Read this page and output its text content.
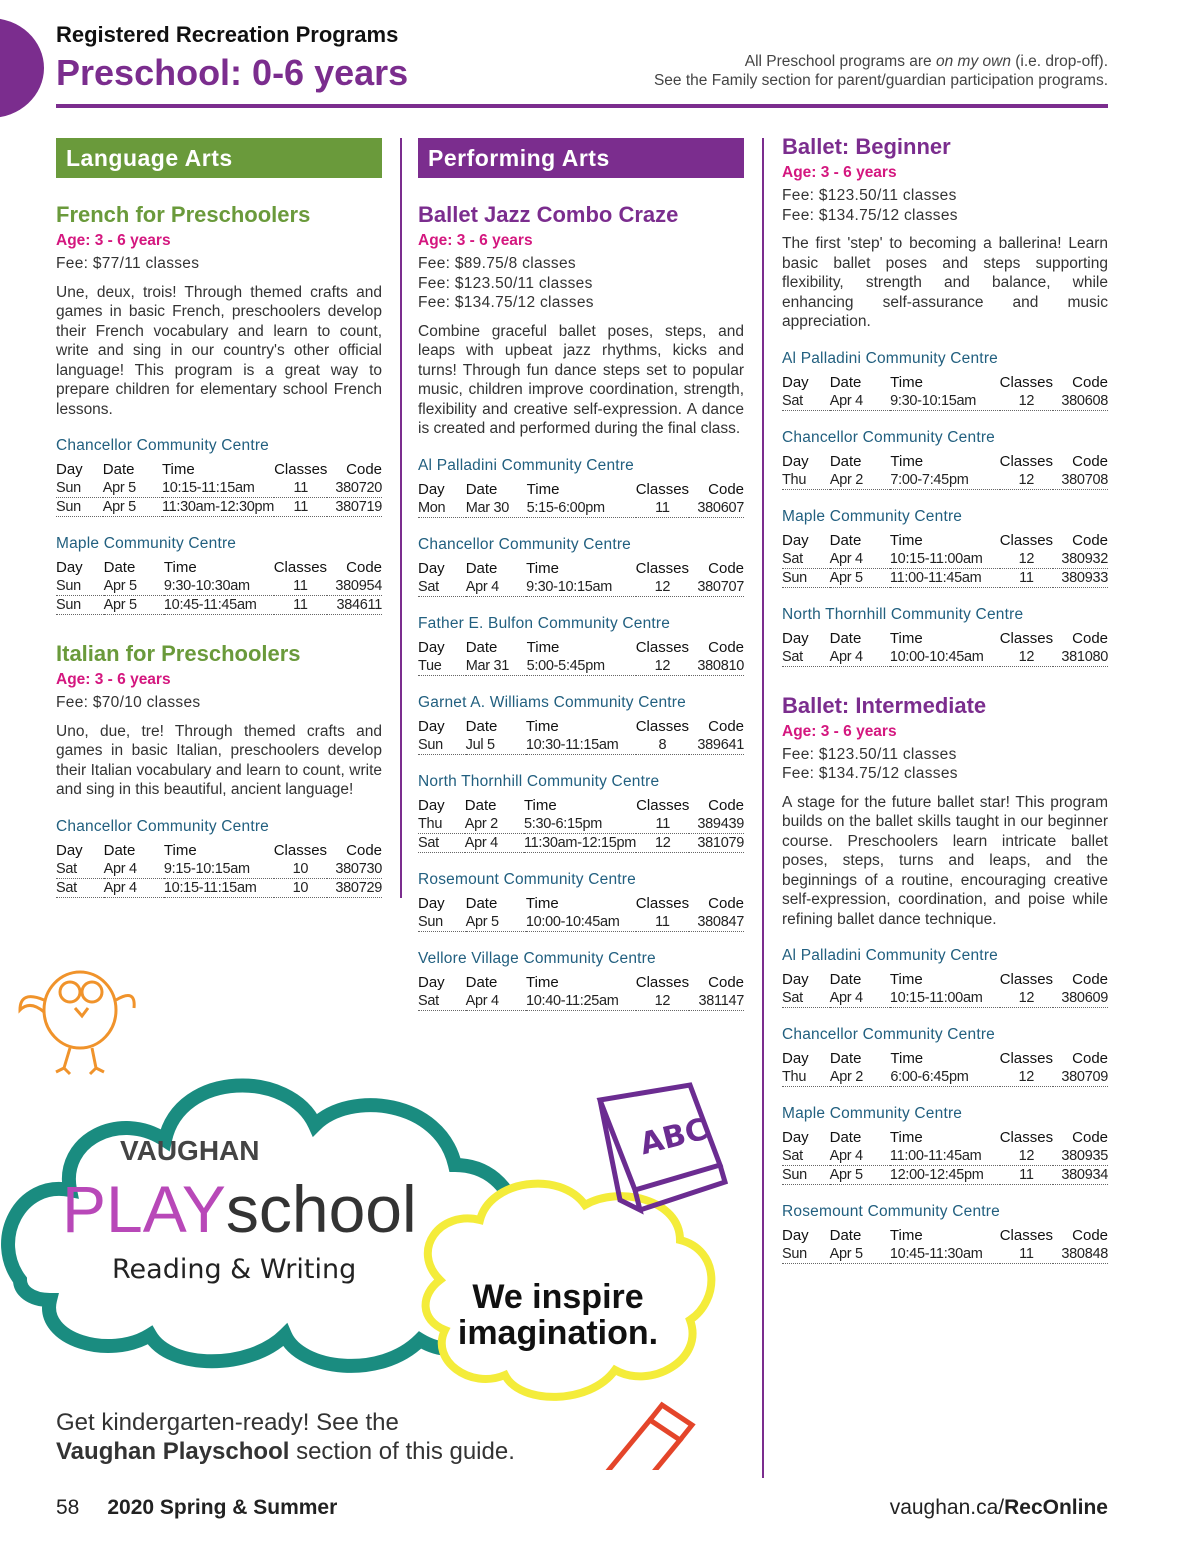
Registered Recreation Programs
Preschool: 0-6 years	All Preschool programs are on my own (i.e. drop-off).
See the Family section for parent/guardian participation programs.
Language Arts
French for Preschoolers
Age: 3 - 6 years
Fee: $77/11 classes
Une, deux, trois! Through themed crafts and games in basic French, preschoolers develop their French vocabulary and learn to count, write and sing in our country's other official language! This program is a great way to prepare children for elementary school French lessons.
Chancellor Community Centre
Day	Date	Time	Classes	Code
Sun	Apr 5	10:15-11:15am	11	380720
Sun	Apr 5	11:30am-12:30pm	11	380719
Maple Community Centre
Day	Date	Time	Classes	Code
Sun	Apr 5	9:30-10:30am	11	380954
Sun	Apr 5	10:45-11:45am	11	384611
Italian for Preschoolers
Age: 3 - 6 years
Fee: $70/10 classes
Uno, due, tre! Through themed crafts and games in basic Italian, preschoolers develop their Italian vocabulary and learn to count, write and sing in this beautiful, ancient language!
Chancellor Community Centre
Day	Date	Time	Classes	Code
Sat	Apr 4	9:15-10:15am	10	380730
Sat	Apr 4	10:15-11:15am	10	380729
Performing Arts
Ballet Jazz Combo Craze
Age: 3 - 6 years
Fee: $89.75/8 classes
Fee: $123.50/11 classes
Fee: $134.75/12 classes
Combine graceful ballet poses, steps, and leaps with upbeat jazz rhythms, kicks and turns! Through fun dance steps set to popular music, children improve coordination, strength, flexibility and creative self-expression. A dance is created and performed during the final class.
Al Palladini Community Centre
Day	Date	Time	Classes	Code
Mon	Mar 30	5:15-6:00pm	11	380607
Chancellor Community Centre
Day	Date	Time	Classes	Code
Sat	Apr 4	9:30-10:15am	12	380707
Father E. Bulfon Community Centre
Day	Date	Time	Classes	Code
Tue	Mar 31	5:00-5:45pm	12	380810
Garnet A. Williams Community Centre
Day	Date	Time	Classes	Code
Sun	Jul 5	10:30-11:15am	8	389641
North Thornhill Community Centre
Day	Date	Time	Classes	Code
Thu	Apr 2	5:30-6:15pm	11	389439
Sat	Apr 4	11:30am-12:15pm	12	381079
Rosemount Community Centre
Day	Date	Time	Classes	Code
Sun	Apr 5	10:00-10:45am	11	380847
Vellore Village Community Centre
Day	Date	Time	Classes	Code
Sat	Apr 4	10:40-11:25am	12	381147
Ballet: Beginner
Age: 3 - 6 years
Fee: $123.50/11 classes
Fee: $134.75/12 classes
The first 'step' to becoming a ballerina! Learn basic ballet poses and steps supporting flexibility, strength and balance, while enhancing self-assurance and music appreciation.
Al Palladini Community Centre
Day	Date	Time	Classes	Code
Sat	Apr 4	9:30-10:15am	12	380608
Chancellor Community Centre
Day	Date	Time	Classes	Code
Thu	Apr 2	7:00-7:45pm	12	380708
Maple Community Centre
Day	Date	Time	Classes	Code
Sat	Apr 4	10:15-11:00am	12	380932
Sun	Apr 5	11:00-11:45am	11	380933
North Thornhill Community Centre
Day	Date	Time	Classes	Code
Sat	Apr 4	10:00-10:45am	12	381080
Ballet: Intermediate
Age: 3 - 6 years
Fee: $123.50/11 classes
Fee: $134.75/12 classes
A stage for the future ballet star! This program builds on the ballet skills taught in our beginner course. Preschoolers learn intricate ballet poses, steps, turns and leaps, and the beginnings of a routine, encouraging creative self-expression, coordination, and poise while refining ballet dance technique.
Al Palladini Community Centre
Day	Date	Time	Classes	Code
Sat	Apr 4	10:15-11:00am	12	380609
Chancellor Community Centre
Day	Date	Time	Classes	Code
Thu	Apr 2	6:00-6:45pm	12	380709
Maple Community Centre
Day	Date	Time	Classes	Code
Sat	Apr 4	11:00-11:45am	12	380935
Sun	Apr 5	12:00-12:45pm	11	380934
Rosemount Community Centre
Day	Date	Time	Classes	Code
Sun	Apr 5	10:45-11:30am	11	380848
VAUGHAN
PLAYschool
Reading & Writing
We inspire
imagination.
ABC
Get kindergarten-ready! See the
Vaughan Playschool section of this guide.
58 2020 Spring & Summer	vaughan.ca/RecOnline
